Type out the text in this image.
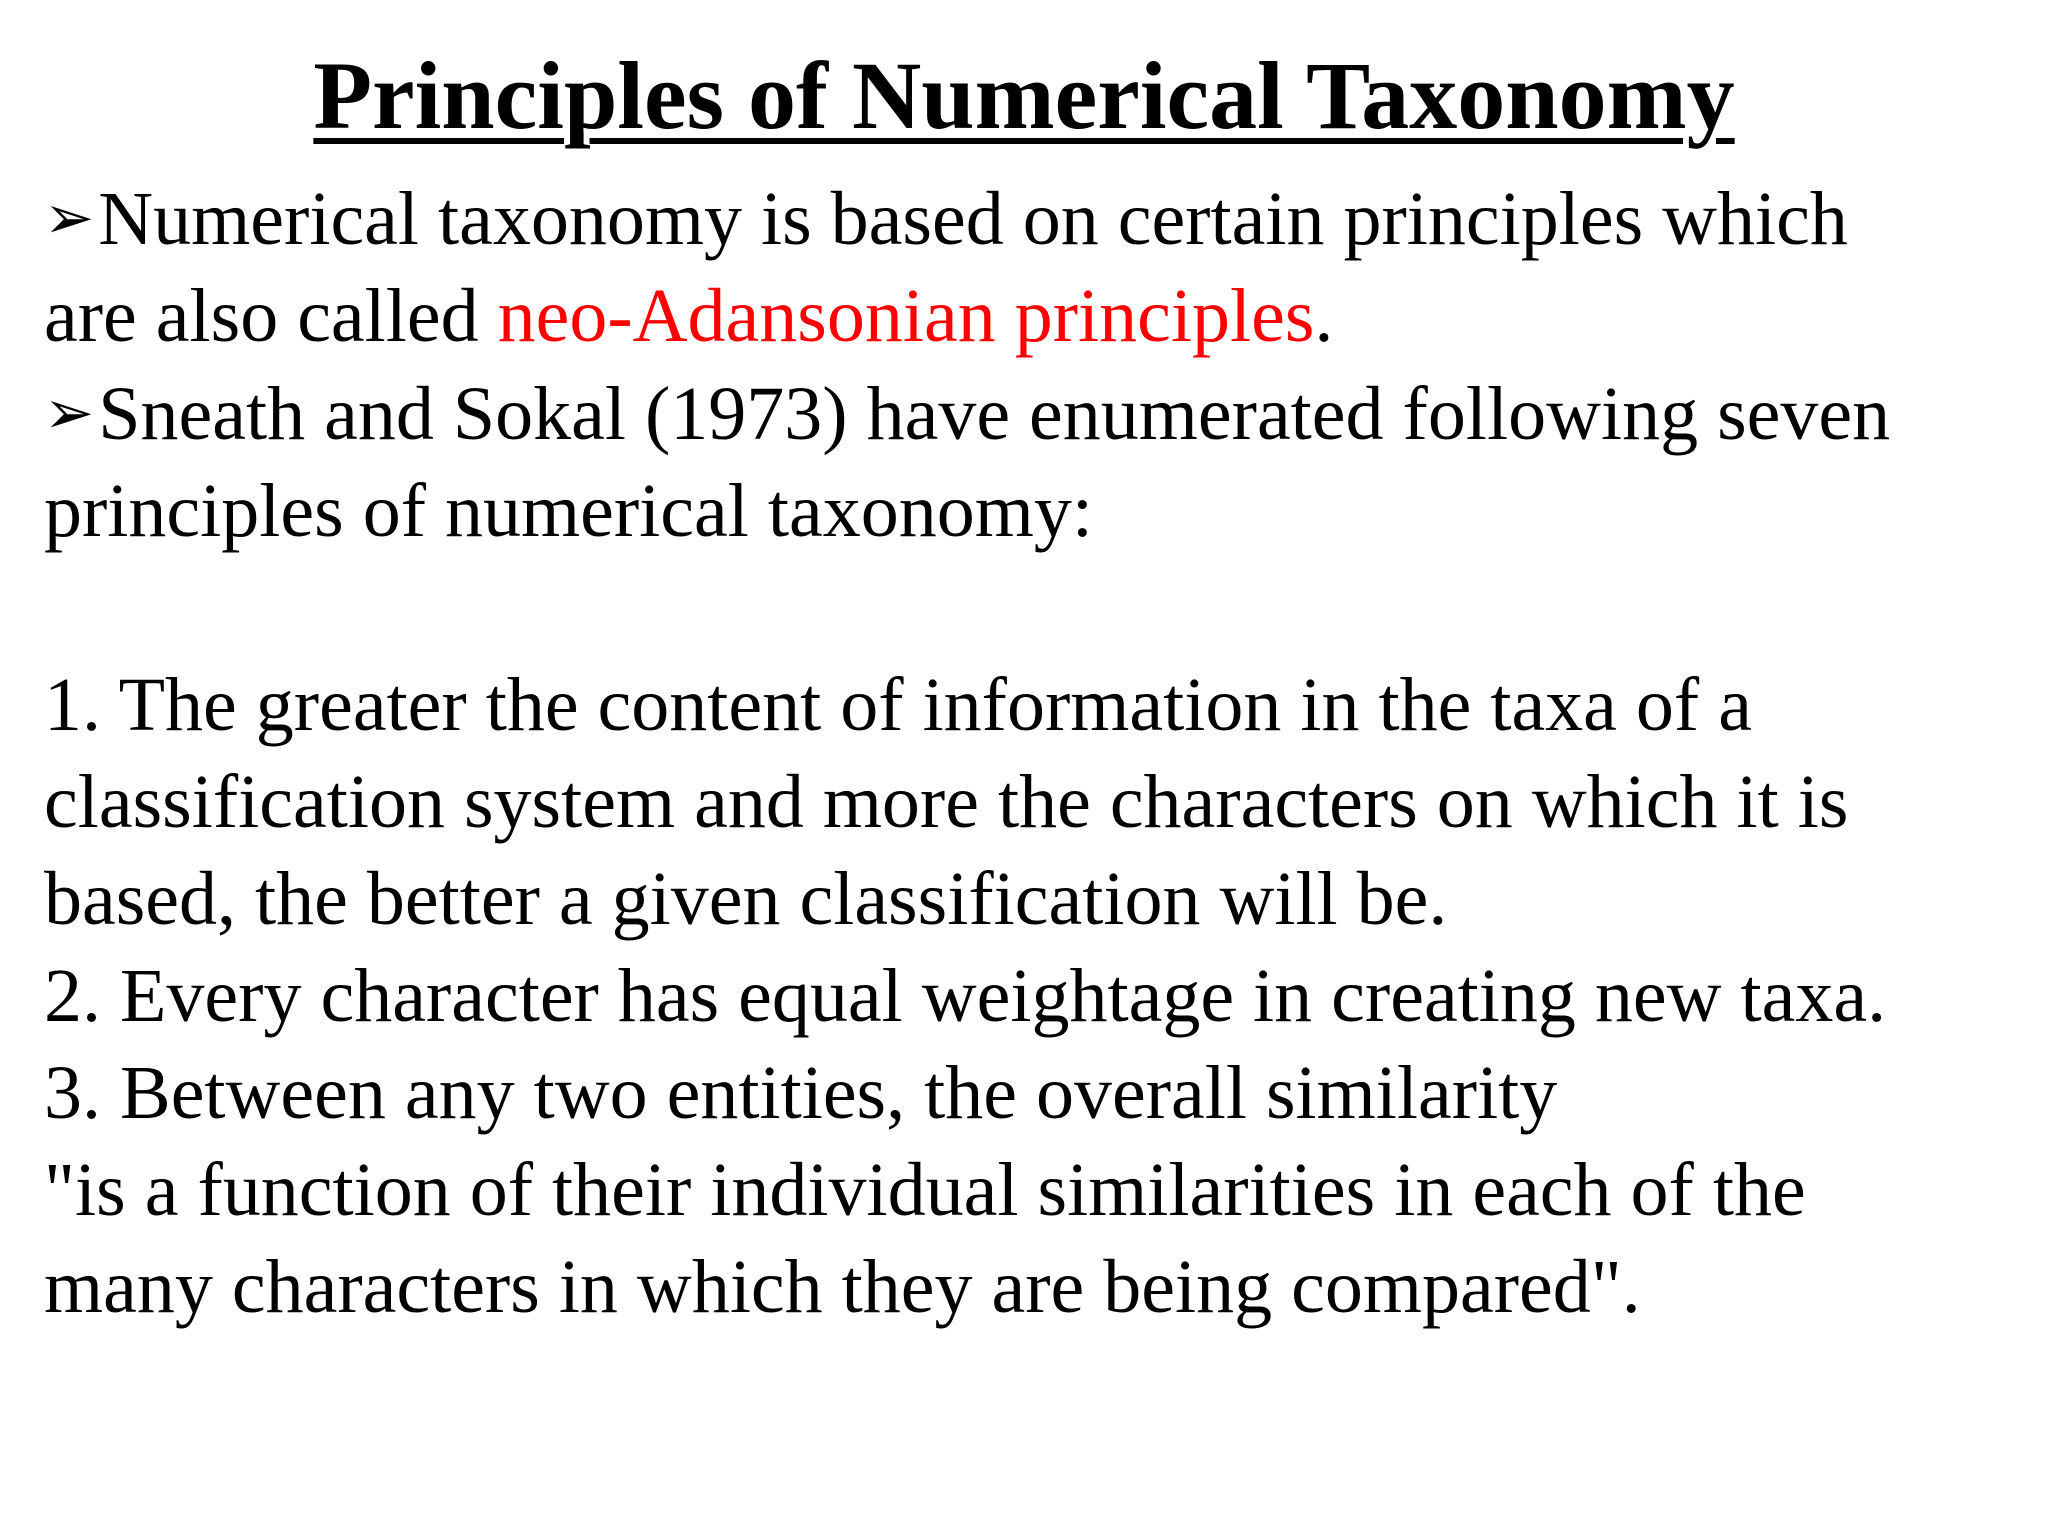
Principles of Numerical Taxonomy
➢Numerical taxonomy is based on certain principles which
are also called neo-Adansonian principles.
➢Sneath and Sokal (1973) have enumerated following seven
principles of numerical taxonomy:
1. The greater the content of information in the taxa of a
classification system and more the characters on which it is
based, the better a given classification will be.
2. Every character has equal weightage in creating new taxa.
3. Between any two entities, the overall similarity
"is a function of their individual similarities in each of the
many characters in which they are being compared".
